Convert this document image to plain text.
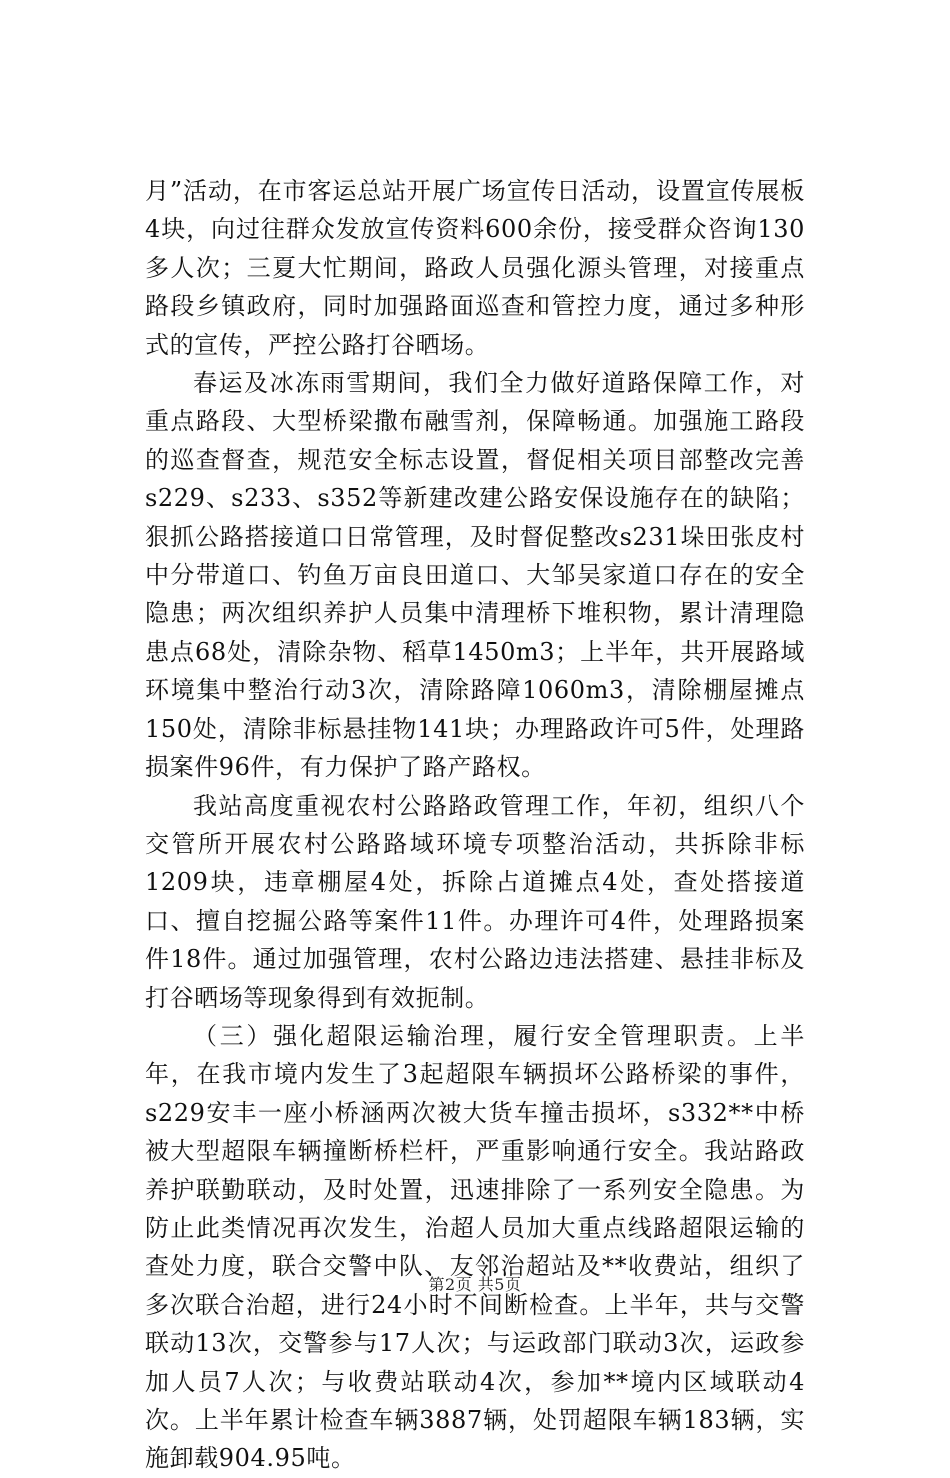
月”活动，在市客运总站开展广场宣传日活动，设置宣传展板4块，向过往群众发放宣传资料600余份，接受群众咨询130多人次；三夏大忙期间，路政人员强化源头管理，对接重点路段乡镇政府，同时加强路面巡查和管控力度，通过多种形式的宣传，严控公路打谷晒场。

春运及冰冻雨雪期间，我们全力做好道路保障工作，对重点路段、大型桥梁撒布融雪剂，保障畅通。加强施工路段的巡查督查，规范安全标志设置，督促相关项目部整改完善s229、s233、s352等新建改建公路安保设施存在的缺陷；狠抓公路搭接道口日常管理，及时督促整改s231垛田张皮村中分带道口、钓鱼万亩良田道口、大邹吴家道口存在的安全隐患；两次组织养护人员集中清理桥下堆积物，累计清理隐患点68处，清除杂物、稻草1450m3；上半年，共开展路域环境集中整治行动3次，清除路障1060m3，清除棚屋摊点150处，清除非标悬挂物141块；办理路政许可5件，处理路损案件96件，有力保护了路产路权。

我站高度重视农村公路路政管理工作，年初，组织八个交管所开展农村公路路域环境专项整治活动，共拆除非标1209块，违章棚屋4处，拆除占道摊点4处，查处搭接道口、擅自挖掘公路等案件11件。办理许可4件，处理路损案件18件。通过加强管理，农村公路边违法搭建、悬挂非标及打谷晒场等现象得到有效扼制。

（三）强化超限运输治理，履行安全管理职责。上半年，在我市境内发生了3起超限车辆损坏公路桥梁的事件，s229安丰一座小桥涵两次被大货车撞击损坏，s332**中桥被大型超限车辆撞断桥栏杆，严重影响通行安全。我站路政养护联勤联动，及时处置，迅速排除了一系列安全隐患。为防止此类情况再次发生，治超人员加大重点线路超限运输的查处力度，联合交警中队、友邻治超站及**收费站，组织了多次联合治超，进行24小时不间断检查。上半年，共与交警联动13次，交警参与17人次；与运政部门联动3次，运政参加人员7人次；与收费站联动4次，参加**境内区域联动4次。上半年累计检查车辆3887辆，处罚超限车辆183辆，实施卸载904.95吨。

第2页 共5页
